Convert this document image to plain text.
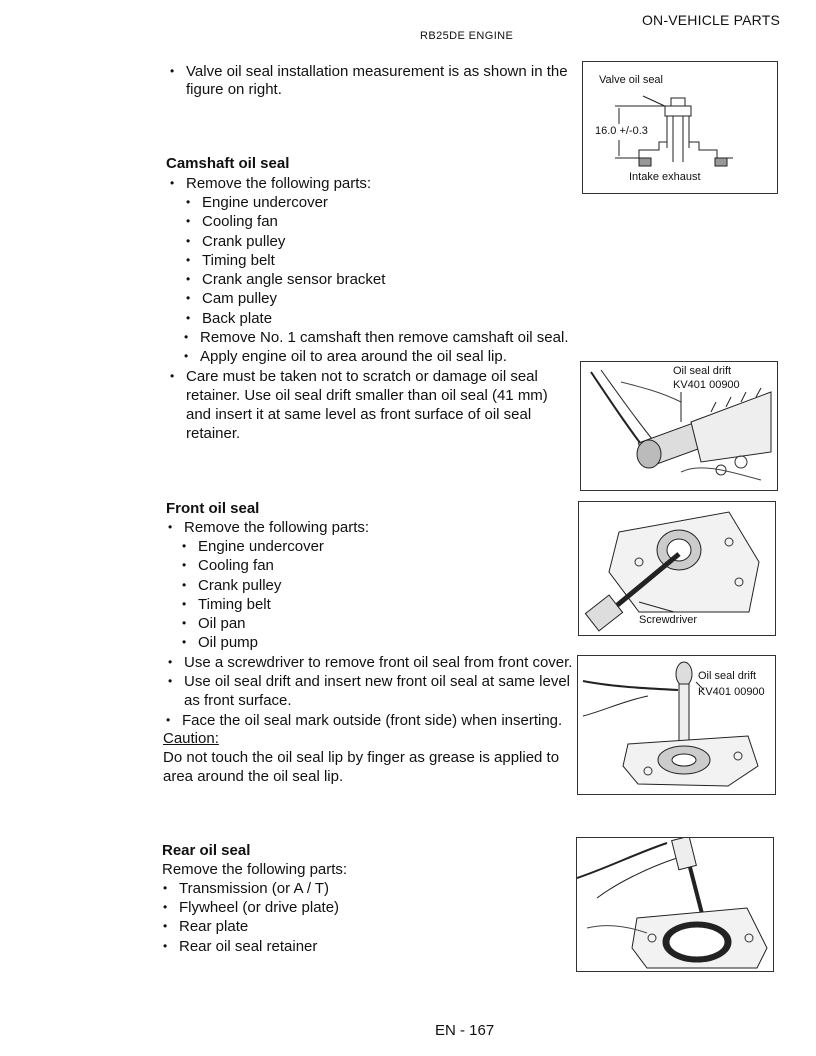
ON-VEHICLE PARTS
RB25DE ENGINE
• Valve oil seal installation measurement is as shown in the
figure on right.
Valve oil seal
16.0 +/-0.3
Intake exhaust
Camshaft oil seal
• Remove the following parts:
• Engine undercover
• Cooling fan
• Crank pulley
• Timing belt
• Crank angle sensor bracket
• Cam pulley
• Back plate
• Remove No. 1 camshaft then remove camshaft oil seal.
• Apply engine oil to area around the oil seal lip.
• Care must be taken not to scratch or damage oil seal
retainer. Use oil seal drift smaller than oil seal (41 mm)
and insert it at same level as front surface of oil seal
retainer.
Oil seal drift
KV401 00900
Front oil seal
• Remove the following parts:
• Engine undercover
• Cooling fan
• Crank pulley
• Timing belt
• Oil pan
• Oil pump
• Use a screwdriver to remove front oil seal from front cover.
• Use oil seal drift and insert new front oil seal at same level
as front surface.
• Face the oil seal mark outside (front side) when inserting.
Caution:
Do not touch the oil seal lip by finger as grease is applied to
area around the oil seal lip.
Screwdriver
Oil seal drift
KV401 00900
Rear oil seal
Remove the following parts:
• Transmission (or A / T)
• Flywheel (or drive plate)
• Rear plate
• Rear oil seal retainer
EN - 167
